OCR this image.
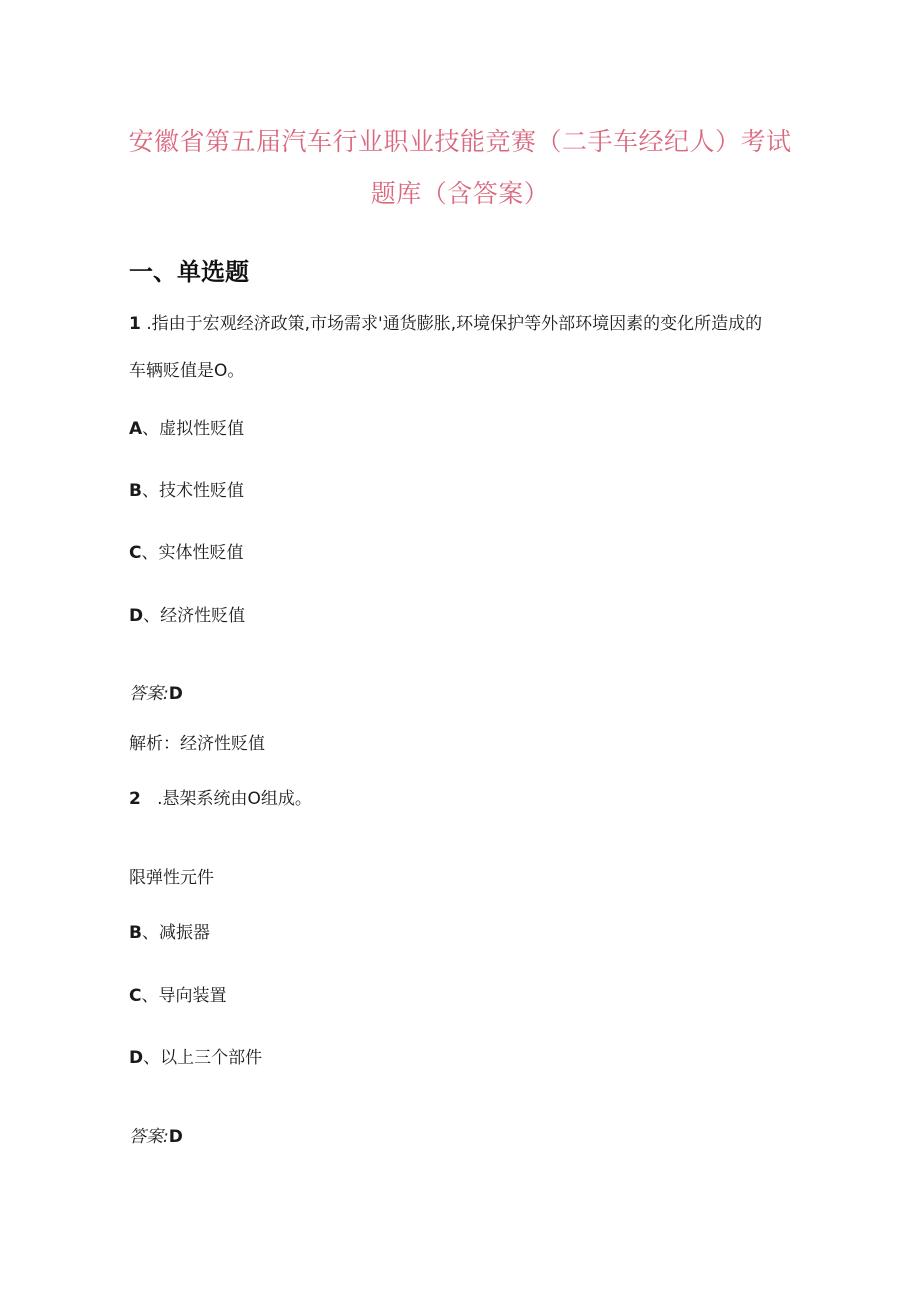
安徽省第五届汽车行业职业技能竞赛（二手车经纪人）考试
题库（含答案）
一、单选题

1 .指由于宏观经济政策,市场需求'通货膨胀,环境保护等外部环境因素的变化所造成的

车辆贬值是O。

A、虚拟性贬值

B、技术性贬值

C、实体性贬值

D、经济性贬值

答案:D

解析：经济性贬值

2 .悬架系统由O组成。

限弹性元件

B、减振器

C、导向装置

D、以上三个部件

答案:D
